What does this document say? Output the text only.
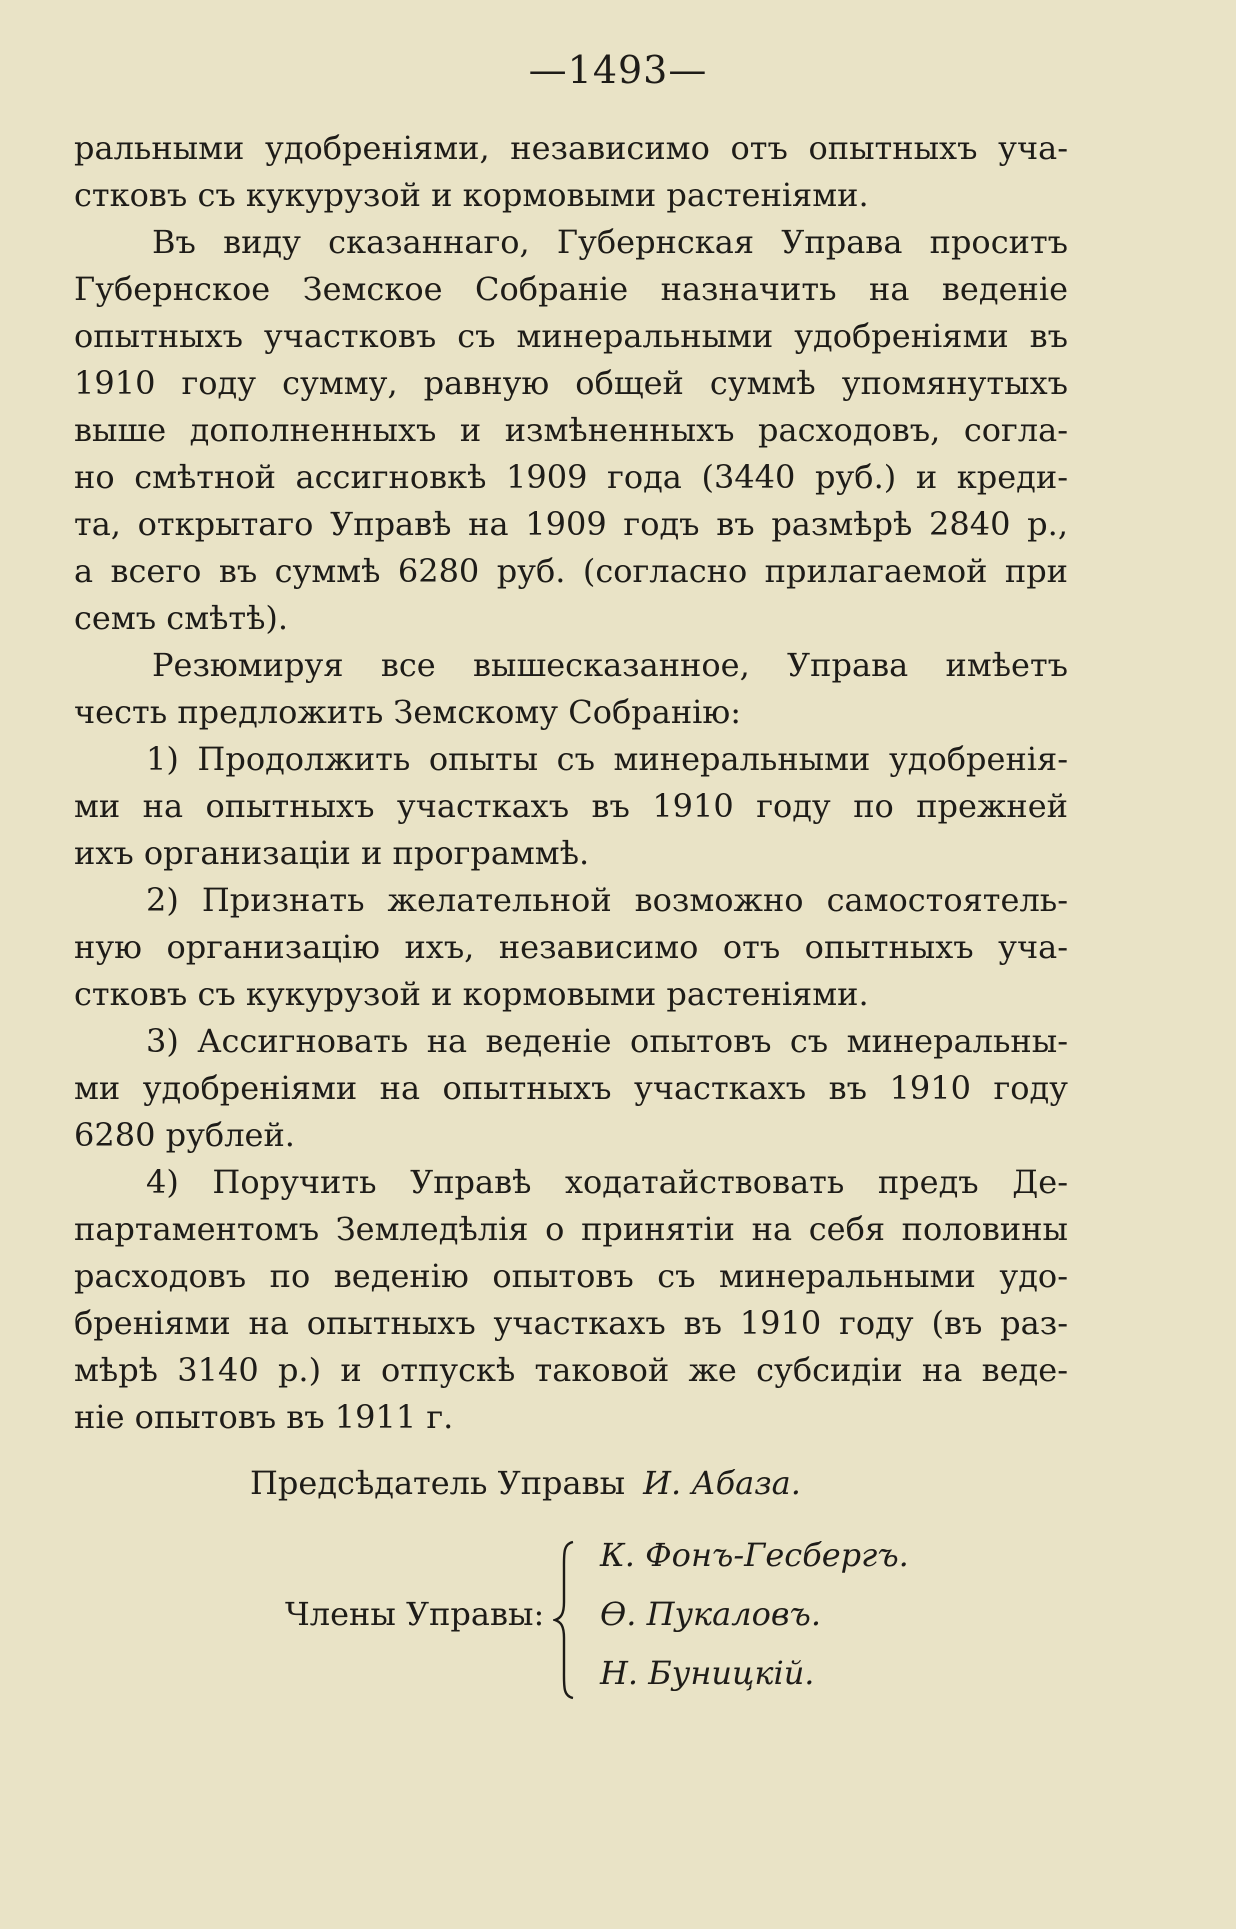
—1493—
ральными удобреніями, независимо отъ опытныхъ уча-
стковъ съ кукурузой и кормовыми растеніями.
Въ виду сказаннаго, Губернская Управа проситъ
Губернское Земское Собраніе назначить на веденіе
опытныхъ участковъ съ минеральными удобреніями въ
1910 году сумму, равную общей суммѣ упомянутыхъ
выше дополненныхъ и измѣненныхъ расходовъ, согла-
но смѣтной ассигновкѣ 1909 года (3440 руб.) и креди-
та, открытаго Управѣ на 1909 годъ въ размѣрѣ 2840 р.,
а всего въ суммѣ 6280 руб. (согласно прилагаемой при
семъ смѣтѣ).
Резюмируя все вышесказанное, Управа имѣетъ
честь предложить Земскому Собранію:
1) Продолжить опыты съ минеральными удобренія-
ми на опытныхъ участкахъ въ 1910 году по прежней
ихъ организаціи и программѣ.
2) Признать желательной возможно самостоятель-
ную организацію ихъ, независимо отъ опытныхъ уча-
стковъ съ кукурузой и кормовыми растеніями.
3) Ассигновать на веденіе опытовъ съ минеральны-
ми удобреніями на опытныхъ участкахъ въ 1910 году
6280 рублей.
4) Поручить Управѣ ходатайствовать предъ Де-
партаментомъ Земледѣлія о принятіи на себя половины
расходовъ по веденію опытовъ съ минеральными удо-
бреніями на опытныхъ участкахъ въ 1910 году (въ раз-
мѣрѣ 3140 р.) и отпускѣ таковой же субсидіи на веде-
ніе опытовъ въ 1911 г.
Предсѣдатель Управы И. Абаза.
Члены Управы:
К. Фонъ-Гесбергъ.
Ѳ. Пукаловъ.
Н. Буницкій.
